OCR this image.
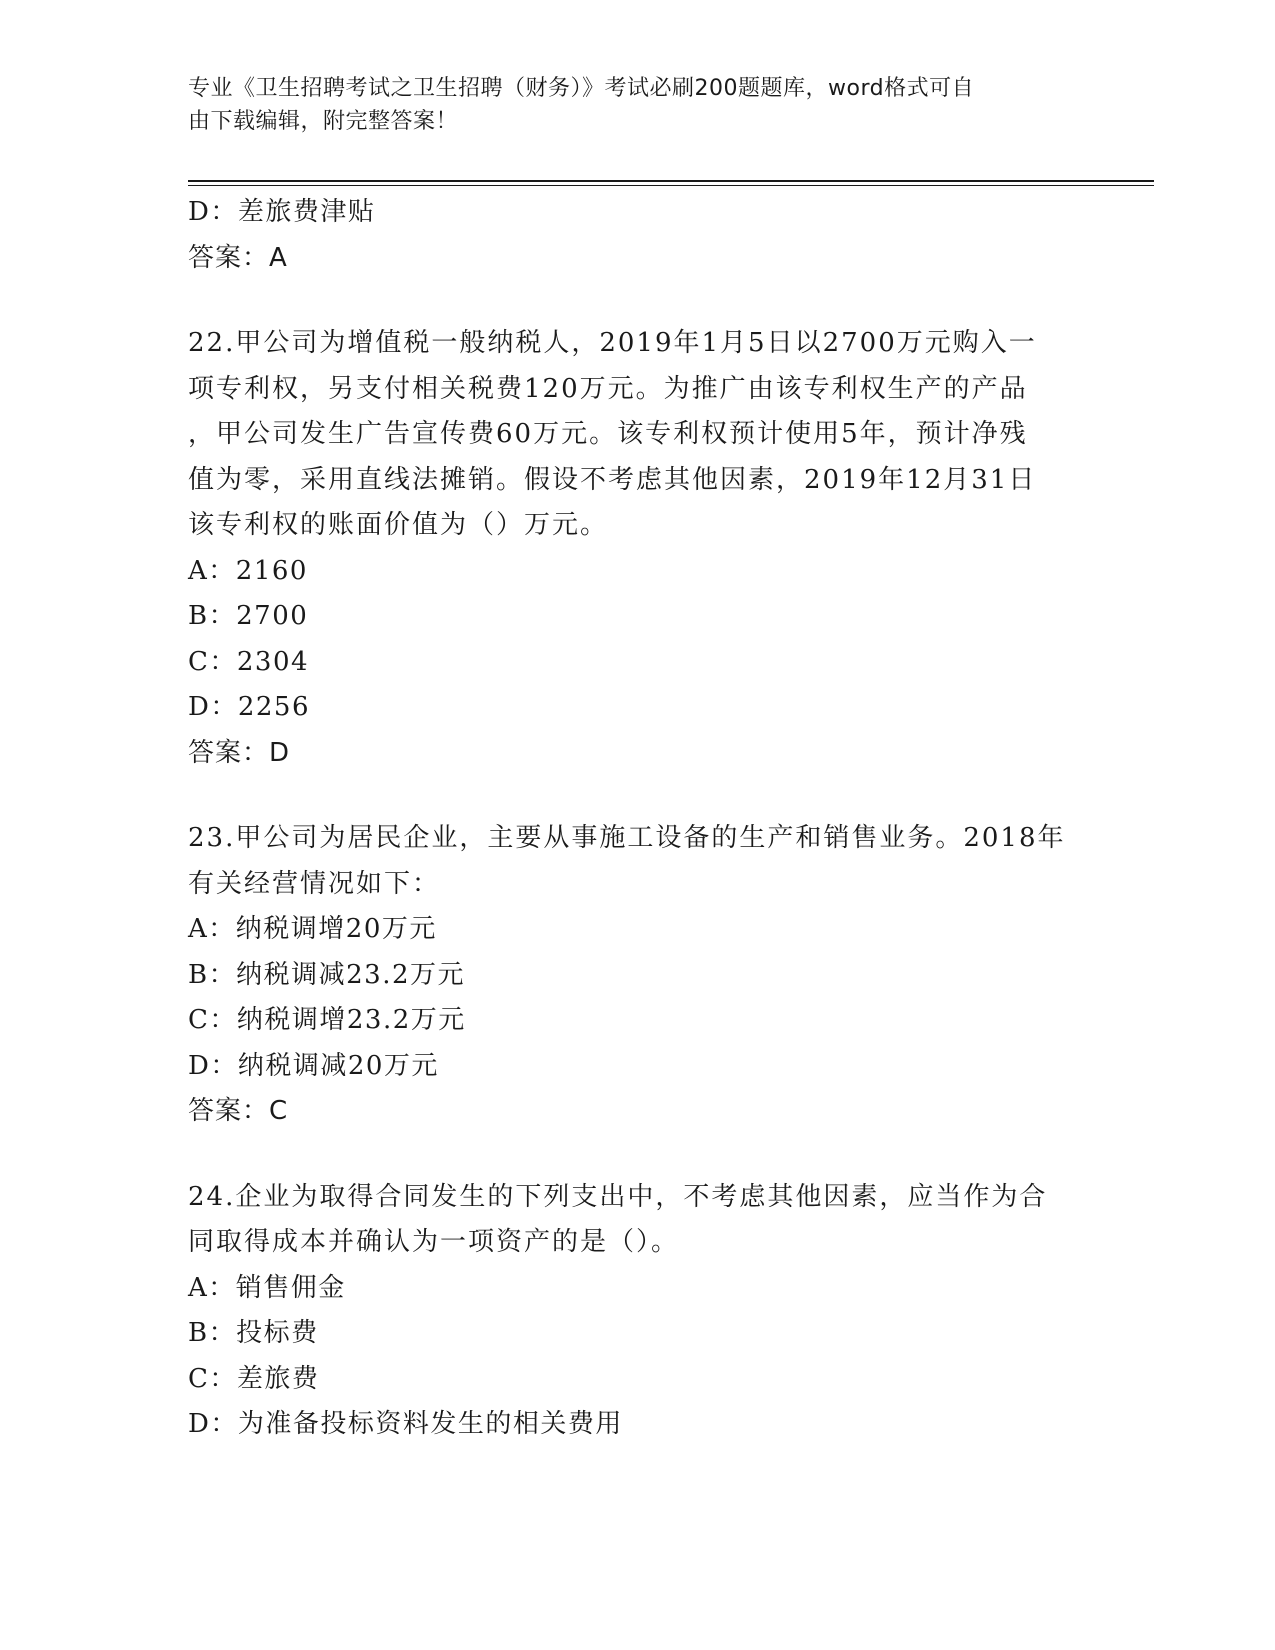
专业《卫生招聘考试之卫生招聘（财务）》考试必刷200题题库，word格式可自
由下载编辑，附完整答案！
D：差旅费津贴
答案：A
22.甲公司为增值税一般纳税人，2019年1月5日以2700万元购入一
项专利权，另支付相关税费120万元。为推广由该专利权生产的产品
，甲公司发生广告宣传费60万元。该专利权预计使用5年，预计净残
值为零，采用直线法摊销。假设不考虑其他因素，2019年12月31日
该专利权的账面价值为（）万元。
A：2160
B：2700
C：2304
D：2256
答案：D
23.甲公司为居民企业，主要从事施工设备的生产和销售业务。2018年
有关经营情况如下：
A：纳税调增20万元
B：纳税调减23.2万元
C：纳税调增23.2万元
D：纳税调减20万元
答案：C
24.企业为取得合同发生的下列支出中，不考虑其他因素，应当作为合
同取得成本并确认为一项资产的是（）。
A：销售佣金
B：投标费
C：差旅费
D：为准备投标资料发生的相关费用
